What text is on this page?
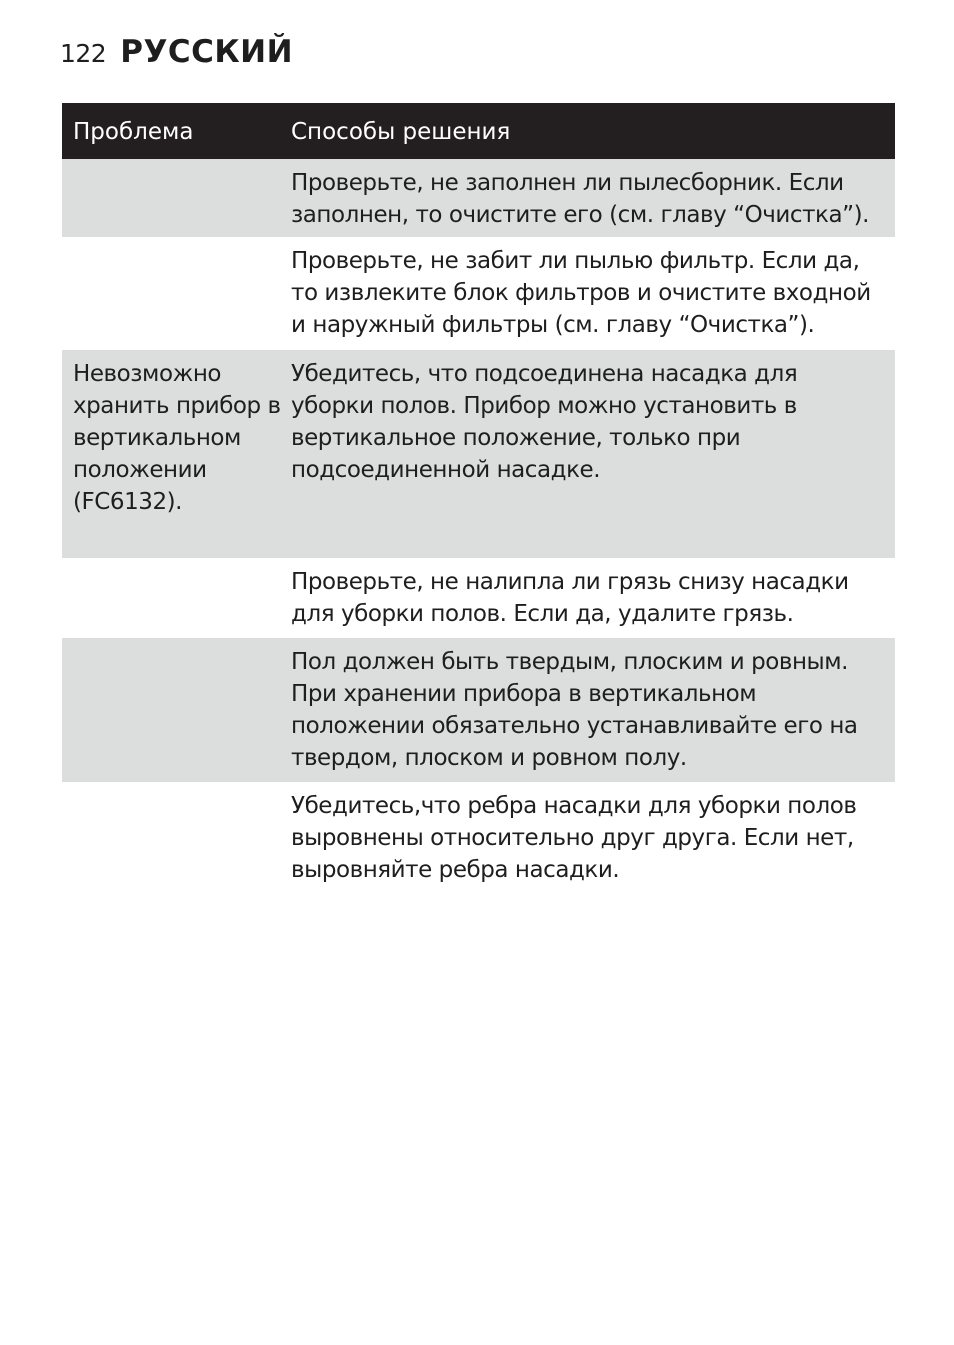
122 РУССКИЙ
Проблема	Способы решения
Проверьте, не заполнен ли пылесборник. Если заполнен, то очистите его (см. главу “Очистка”).
Проверьте, не забит ли пылью фильтр. Если да, то извлеките блок фильтров и очистите входной и наружный фильтры (см. главу “Очистка”).
Невозможно хранить прибор в вертикальном положении (FC6132).
Убедитесь, что подсоединена насадка для уборки полов. Прибор можно установить в вертикальное положение, только при подсоединенной насадке.
Проверьте, не налипла ли грязь снизу насадки для уборки полов. Если да, удалите грязь.
Пол должен быть твердым, плоским и ровным. При хранении прибора в вертикальном положении обязательно устанавливайте его на твердом, плоском и ровном полу.
Убедитесь,что ребра насадки для уборки полов выровнены относительно друг друга. Если нет, выровняйте ребра насадки.
